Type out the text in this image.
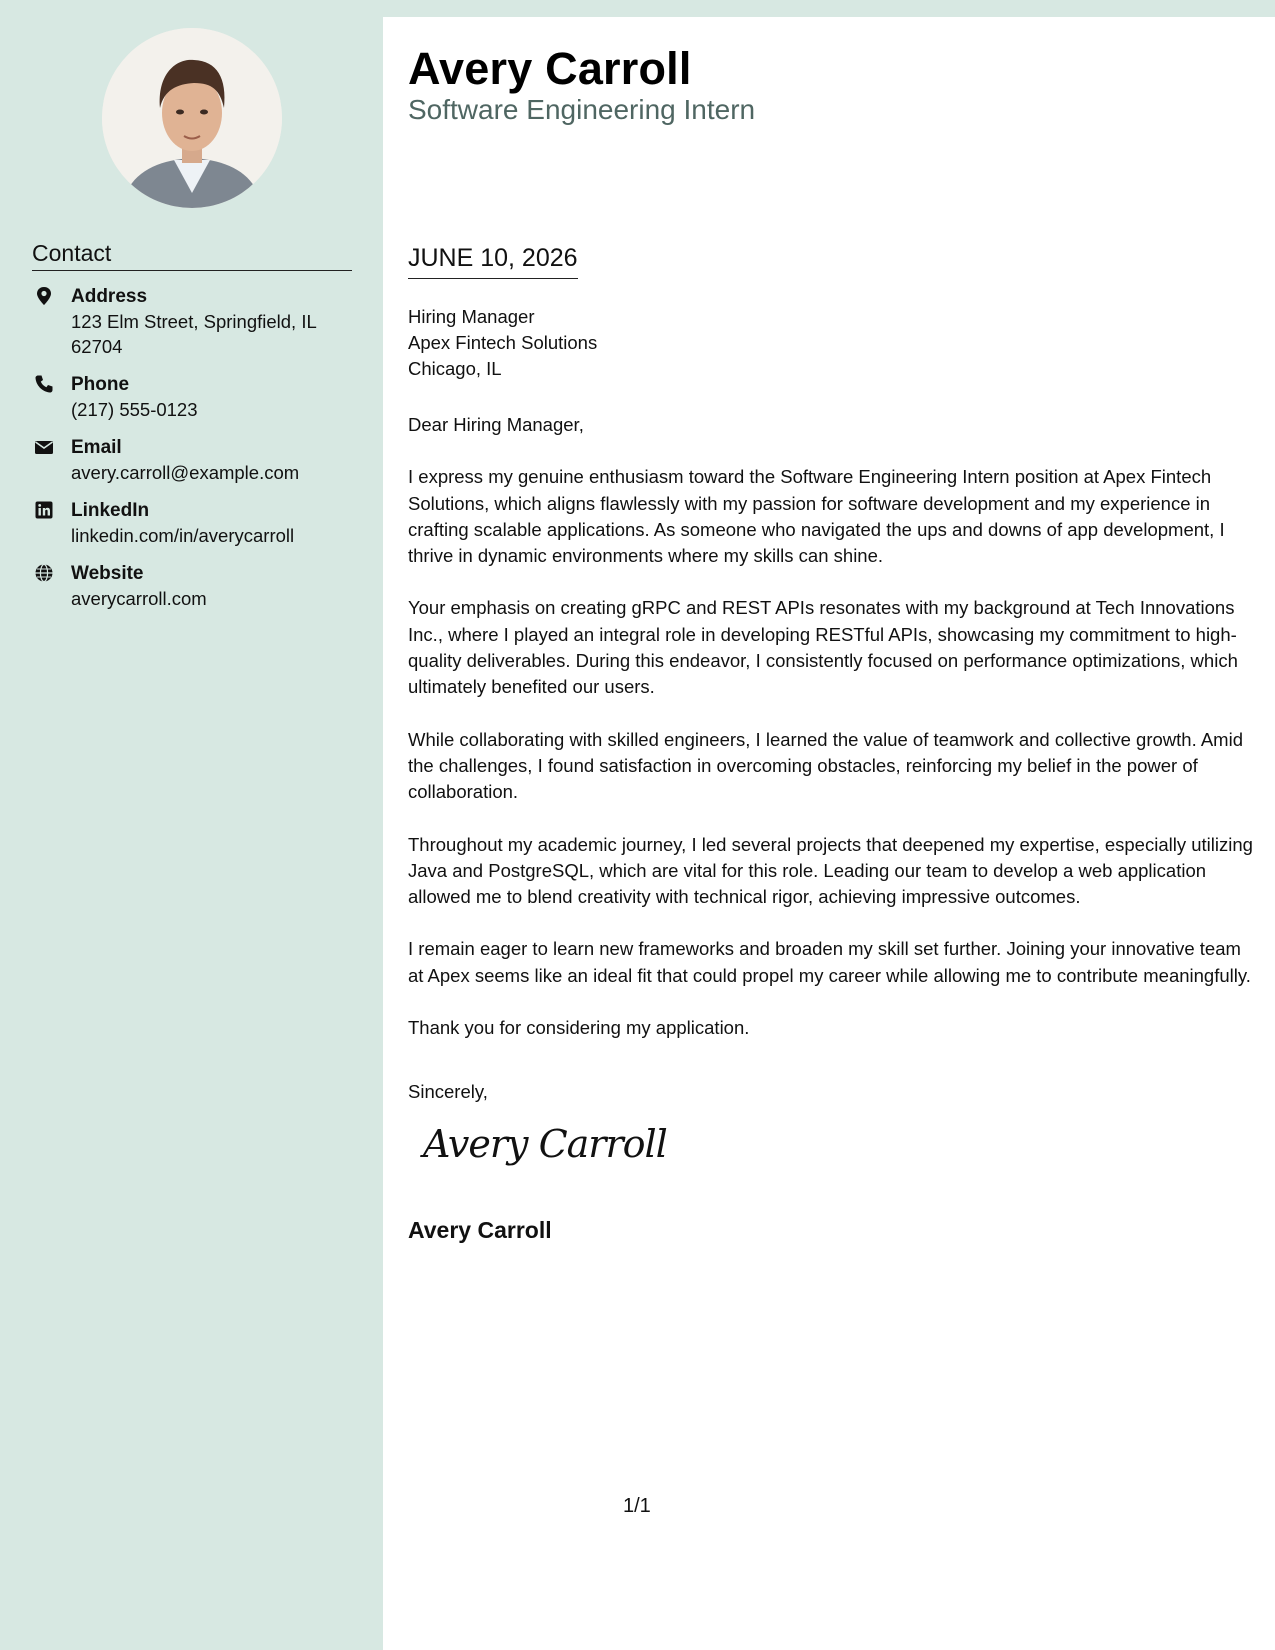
Contact
Address
123 Elm Street, Springfield, IL 62704
Phone
(217) 555-0123
Email
avery.carroll@example.com
LinkedIn
linkedin.com/in/averycarroll
Website
averycarroll.com
Avery Carroll
Software Engineering Intern
JUNE 10, 2026
Hiring Manager
Apex Fintech Solutions
Chicago, IL

Dear Hiring Manager,

I express my genuine enthusiasm toward the Software Engineering Intern position at Apex Fintech Solutions, which aligns flawlessly with my passion for software development and my experience in crafting scalable applications. As someone who navigated the ups and downs of app development, I thrive in dynamic environments where my skills can shine.

Your emphasis on creating gRPC and REST APIs resonates with my background at Tech Innovations Inc., where I played an integral role in developing RESTful APIs, showcasing my commitment to high-quality deliverables. During this endeavor, I consistently focused on performance optimizations, which ultimately benefited our users.

While collaborating with skilled engineers, I learned the value of teamwork and collective growth. Amid the challenges, I found satisfaction in overcoming obstacles, reinforcing my belief in the power of collaboration.

Throughout my academic journey, I led several projects that deepened my expertise, especially utilizing Java and PostgreSQL, which are vital for this role. Leading our team to develop a web application allowed me to blend creativity with technical rigor, achieving impressive outcomes.

I remain eager to learn new frameworks and broaden my skill set further. Joining your innovative team at Apex seems like an ideal fit that could propel my career while allowing me to contribute meaningfully.

Thank you for considering my application.

Sincerely,
Avery Carroll
Avery Carroll
1/1
